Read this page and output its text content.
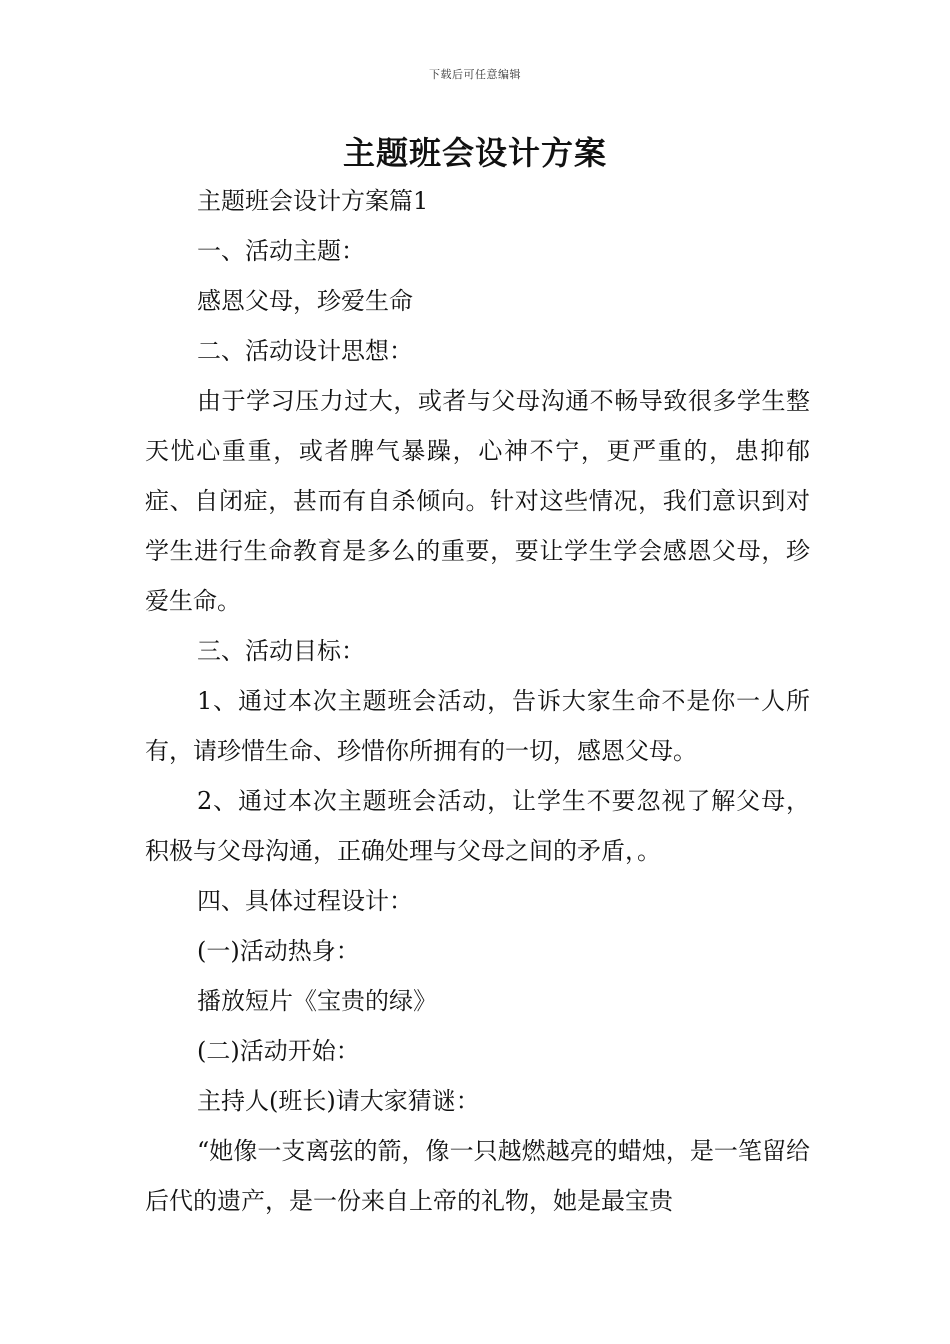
下载后可任意编辑
主题班会设计方案

主题班会设计方案篇1

一、活动主题：

感恩父母，珍爱生命

二、活动设计思想：

由于学习压力过大，或者与父母沟通不畅导致很多学生整天忧心重重，或者脾气暴躁，心神不宁，更严重的，患抑郁症、自闭症，甚而有自杀倾向。针对这些情况，我们意识到对学生进行生命教育是多么的重要，要让学生学会感恩父母，珍爱生命。

三、活动目标：

1、通过本次主题班会活动，告诉大家生命不是你一人所有，请珍惜生命、珍惜你所拥有的一切，感恩父母。

2、通过本次主题班会活动，让学生不要忽视了解父母，积极与父母沟通，正确处理与父母之间的矛盾，。

四、具体过程设计：

(一)活动热身：

播放短片《宝贵的绿》

(二)活动开始：

主持人(班长)请大家猜谜：

“她像一支离弦的箭，像一只越燃越亮的蜡烛，是一笔留给后代的遗产，是一份来自上帝的礼物，她是最宝贵
